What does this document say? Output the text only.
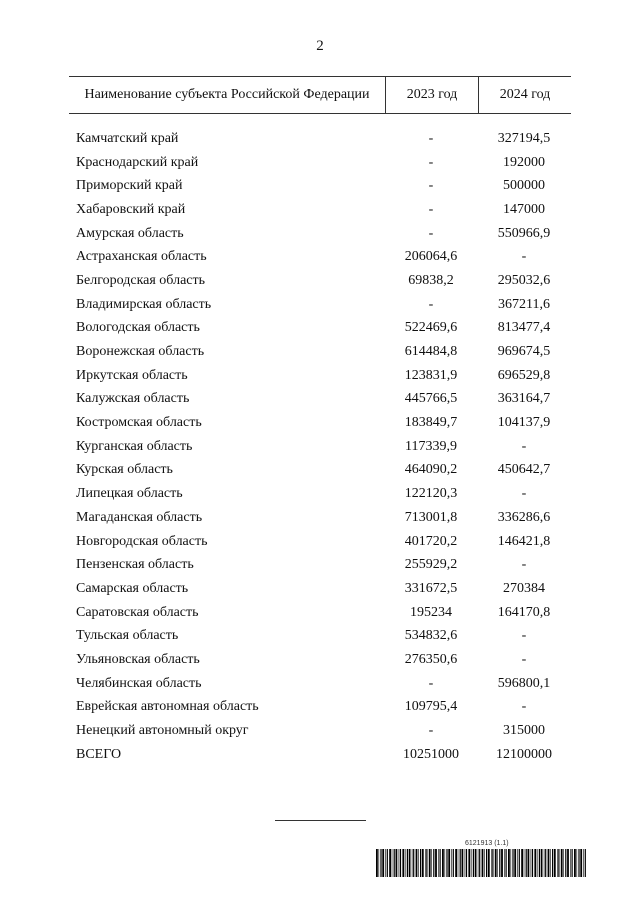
2
Наименование субъекта Российской Федерации	2023 год	2024 год
Камчатский край	-	327194,5
Краснодарский край	-	192000
Приморский край	-	500000
Хабаровский край	-	147000
Амурская область	-	550966,9
Астраханская область	206064,6	-
Белгородская область	69838,2	295032,6
Владимирская область	-	367211,6
Вологодская область	522469,6	813477,4
Воронежская область	614484,8	969674,5
Иркутская область	123831,9	696529,8
Калужская область	445766,5	363164,7
Костромская область	183849,7	104137,9
Курганская область	117339,9	-
Курская область	464090,2	450642,7
Липецкая область	122120,3	-
Магаданская область	713001,8	336286,6
Новгородская область	401720,2	146421,8
Пензенская область	255929,2	-
Самарская область	331672,5	270384
Саратовская область	195234	164170,8
Тульская область	534832,6	-
Ульяновская область	276350,6	-
Челябинская область	-	596800,1
Еврейская автономная область	109795,4	-
Ненецкий автономный округ	-	315000
ВСЕГО	10251000	12100000
6121913 (1.1)
